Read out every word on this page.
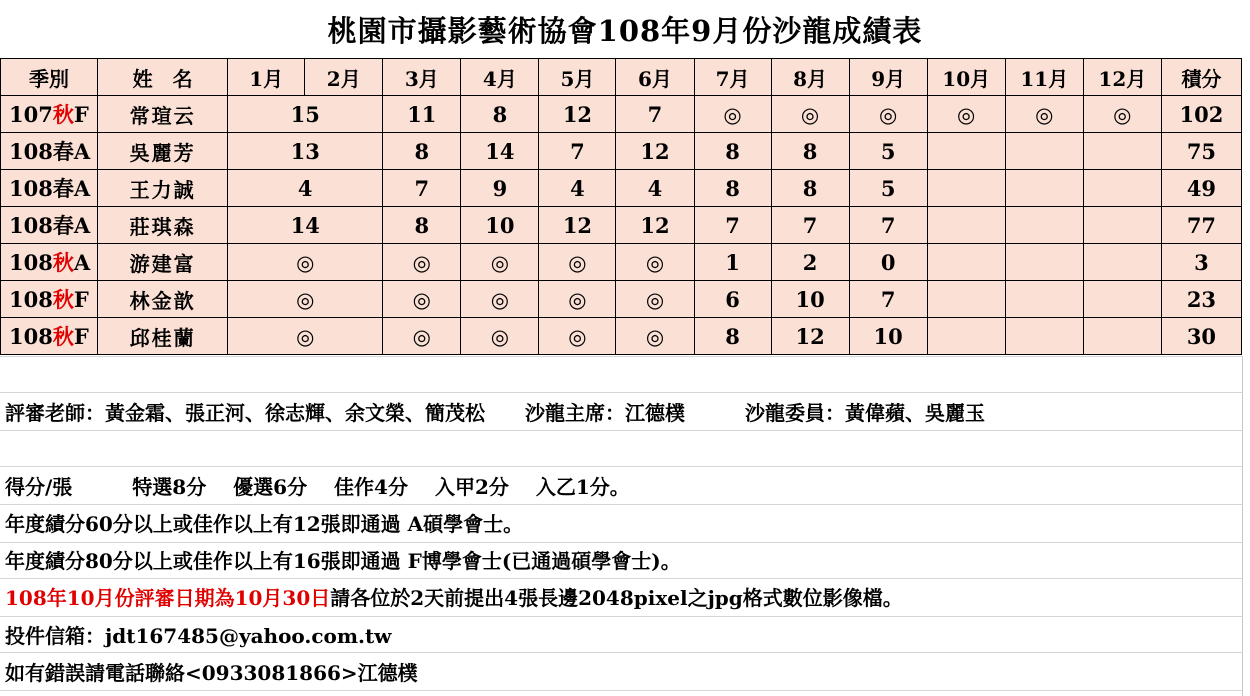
桃園市攝影藝術協會108年9月份沙龍成績表
季別	姓　名	1月	2月	3月	4月	5月	6月	7月	8月	9月	10月	11月	12月	積分
107秋F	常瑄云	15		11	8	12	7	◎	◎	◎	◎	◎	◎	102
108春A	吳麗芳	13		8	14	7	12	8	8	5				75
108春A	王力誠	4		7	9	4	4	8	8	5				49
108春A	莊琪森	14		8	10	12	12	7	7	7				77
108秋A	游建富	◎		◎	◎	◎	◎	1	2	0				3
108秋F	林金歆	◎		◎	◎	◎	◎	6	10	7				23
108秋F	邱桂蘭	◎		◎	◎	◎	◎	8	12	10				30
評審老師：黃金霜、張正河、徐志輝、余文榮、簡茂松　　沙龍主席：江德樸　　　沙龍委員：黃偉蘋、吳麗玉
得分/張　　　特選8分　 優選6分　 佳作4分　 入甲2分　 入乙1分。
年度績分60分以上或佳作以上有12張即通過 A碩學會士。
年度績分80分以上或佳作以上有16張即通過 F博學會士(已通過碩學會士)。
108年10月份評審日期為10月30日請各位於2天前提出4張長邊2048pixel之jpg格式數位影像檔。
投件信箱：jdt167485@yahoo.com.tw
如有錯誤請電話聯絡<0933081866>江德樸
